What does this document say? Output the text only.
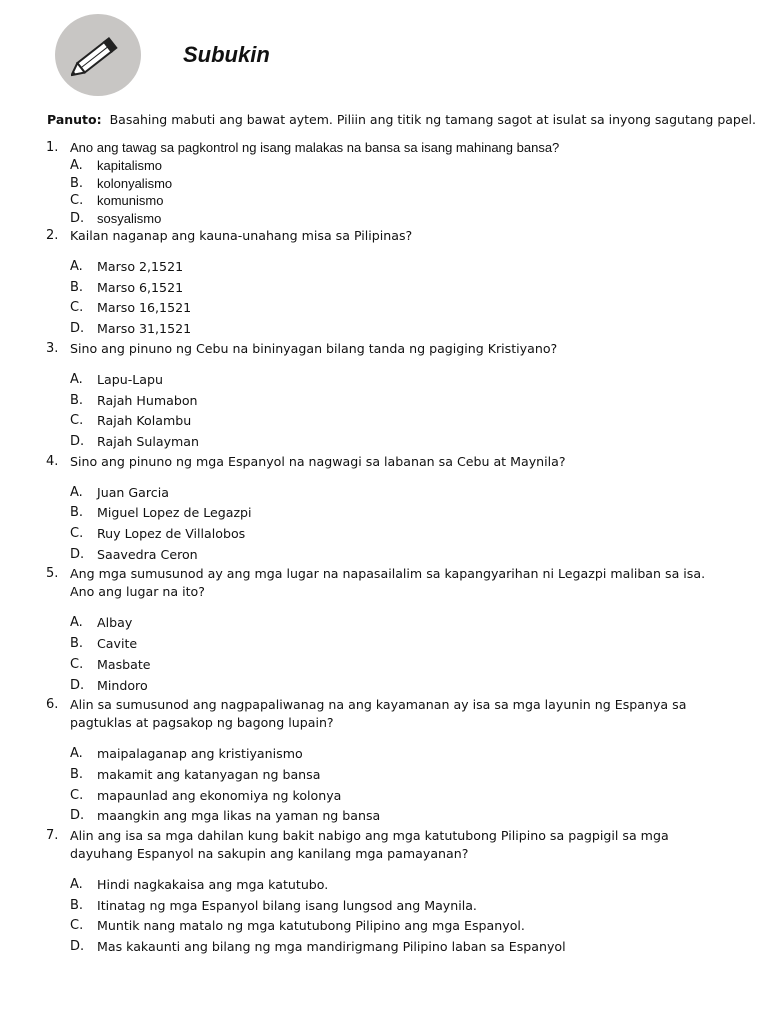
Subukin
Panuto: Basahing mabuti ang bawat aytem. Piliin ang titik ng tamang sagot at isulat sa inyong sagutang papel.
1. Ano ang tawag sa pagkontrol ng isang malakas na bansa sa isang mahinang bansa?
A.	kapitalismo
B.	kolonyalismo
C.	komunismo
D. sosyalismo
2. Kailan naganap ang kauna-unahang misa sa Pilipinas?
A.	Marso 2,1521
B.	Marso 6,1521
C.	Marso 16,1521
D.	Marso 31,1521
3. Sino ang pinuno ng Cebu na bininyagan bilang tanda ng pagiging Kristiyano?
A.	Lapu-Lapu
B.	Rajah Humabon
C.	Rajah Kolambu
D.	Rajah Sulayman
4. Sino ang pinuno ng mga Espanyol na nagwagi sa labanan sa Cebu at Maynila?
A.	Juan Garcia
B.	Miguel Lopez de Legazpi
C.	Ruy Lopez de Villalobos
D.	Saavedra Ceron
5. Ang mga sumusunod ay ang mga lugar na napasailalim sa kapangyarihan ni Legazpi maliban sa isa. Ano ang lugar na ito?
A.	Albay
B.	Cavite
C.	Masbate
D.	Mindoro
6. Alin sa sumusunod ang nagpapaliwanag na ang kayamanan ay isa sa mga layunin ng Espanya sa pagtuklas at pagsakop ng bagong lupain?
A.	maipalaganap ang kristiyanismo
B.	makamit ang katanyagan ng bansa
C.	mapaunlad ang ekonomiya ng kolonya
D.	maangkin ang mga likas na yaman ng bansa
7. Alin ang isa sa mga dahilan kung bakit nabigo ang mga katutubong Pilipino sa pagpigil sa mga dayuhang Espanyol na sakupin ang kanilang mga pamayanan?
A.	Hindi nagkakaisa ang mga katutubo.
B.	Itinatag ng mga Espanyol bilang isang lungsod ang Maynila.
C.	Muntik nang matalo ng mga katutubong Pilipino ang mga Espanyol.
D.	Mas kakaunti ang bilang ng mga mandirigmang Pilipino laban sa Espanyol
